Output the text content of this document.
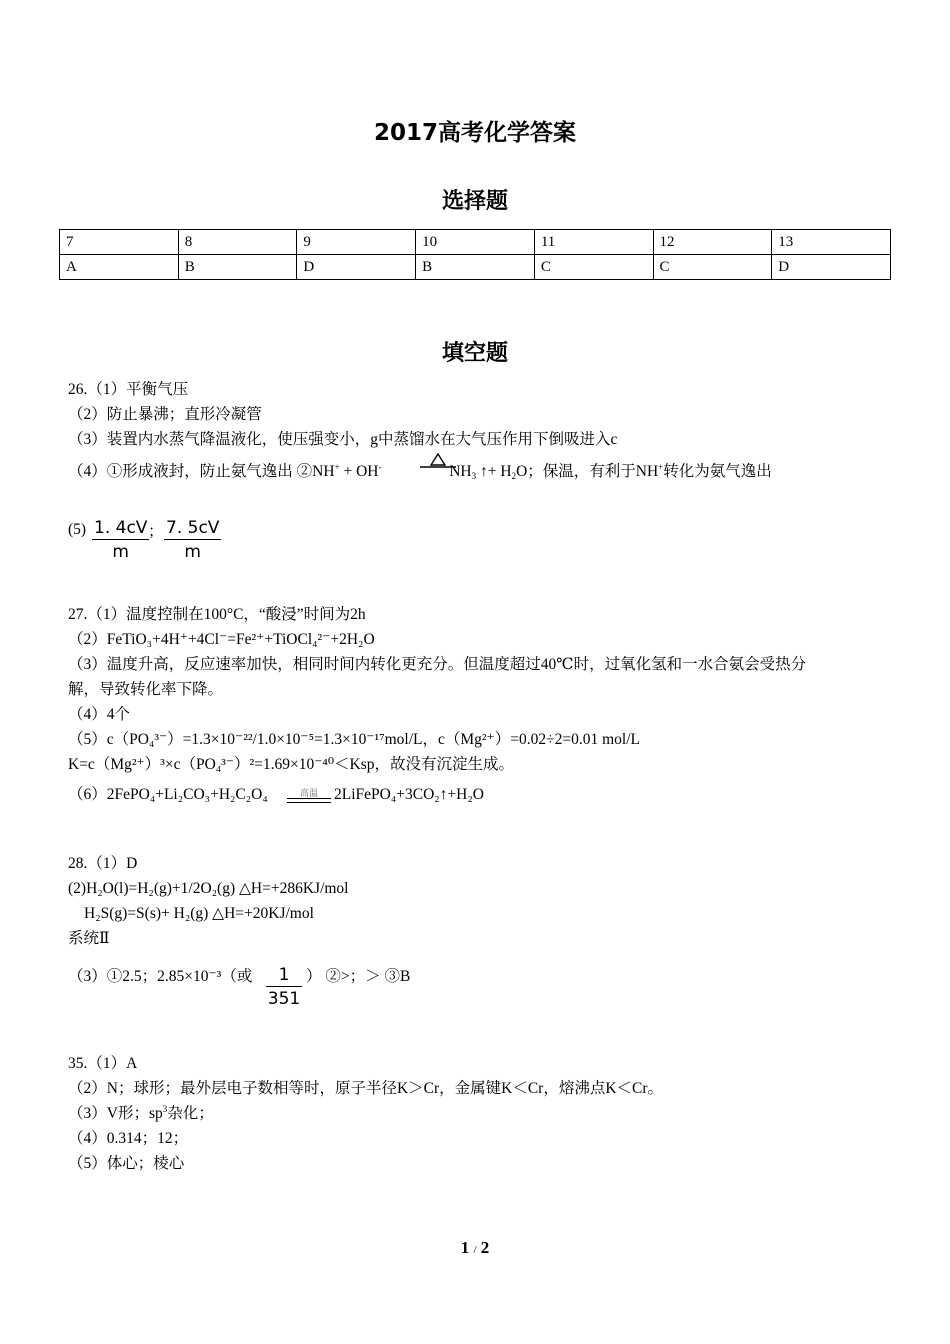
2017高考化学答案
选择题
7	8	9	10	11	12	13
A	B	D	B	C	C	D
填空题
26.（1）平衡气压
（2）防止暴沸；直形冷凝管
（3）装置内水蒸气降温液化，使压强变小，g中蒸馏水在大气压作用下倒吸进入c
（4）①形成液封，防止氨气逸出 ②NH+ + OH-	$NH_3$ ↑+ $H_2O$；保温，有利于NH+转化为氨气逸出
$(5) \frac{1. 4cV}{m}$
； $\frac{7. 5cV}{m}$
27.（1）温度控制在100°C，“酸浸”时间为2h
（2）FeTiO₃+4H⁺+4Cl⁻=Fe²⁺+TiOCl₄²⁻+2H₂O
（3）温度升高，反应速率加快，相同时间内转化更充分。但温度超过40℃时，过氧化氢和一水合氨会受热分
解，导致转化率下降。
（4）4个
（5）c（PO₄³⁻）=1.3×10⁻²²/1.0×10⁻⁵=1.3×10⁻¹⁷mol/L，c（Mg²⁺）=0.02÷2=0.01 mol/L
K=c（Mg²⁺）³×c（PO₄³⁻）²=1.69×10⁻⁴⁰＜Ksp，故没有沉淀生成。
（6）2FePO₄+Li₂CO₃+H₂C₂O₄	高温	2LiFePO₄+3CO₂↑+H₂O
28.（1）D
(2)H₂O(l)=H₂(g)+1/2O₂(g) △H=+286KJ/mol
H₂S(g)=S(s)+ H₂(g) △H=+20KJ/mol
系统Ⅱ
（3）①2.5；2.85×10⁻³（或 $\frac{1}{351}$ ） ②>；＞ ③B
35.（1）A
（2）N；球形；最外层电子数相等时，原子半径K＞Cr，金属键K＜Cr，熔沸点K＜Cr。
（3）V形；$sp^3$杂化；
（4）0.314；12；
（5）体心；棱心
1 / 2
